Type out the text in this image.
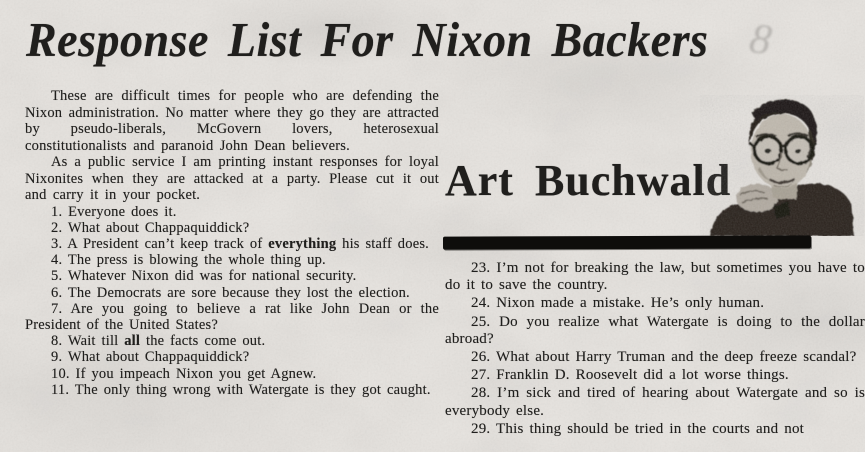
Response List For Nixon Backers 8

These are difficult times for people who are defending the Nixon administration. No matter where they go they are attracted by pseudo-liberals, McGovern lovers, heterosexual constitutionalists and paranoid John Dean believers.

As a public service I am printing instant responses for loyal Nixonites when they are attacked at a party. Please cut it out and carry it in your pocket.

1. Everyone does it.

2. What about Chappaquiddick?

3. A President can’t keep track of everything his staff does.

4. The press is blowing the whole thing up.

5. Whatever Nixon did was for national security.

6. The Democrats are sore because they lost the election.

7. Are you going to believe a rat like John Dean or the President of the United States?

8. Wait till all the facts come out.

9. What about Chappaquiddick?

10. If you impeach Nixon you get Agnew.

11. The only thing wrong with Watergate is they got caught.

Art Buchwald

23. I’m not for breaking the law, but sometimes you have to do it to save the country.

24. Nixon made a mistake. He’s only human.

25. Do you realize what Watergate is doing to the dollar abroad?

26. What about Harry Truman and the deep freeze scandal?

27. Franklin D. Roosevelt did a lot worse things.

28. I’m sick and tired of hearing about Watergate and so is everybody else.

29. This thing should be tried in the courts and not
